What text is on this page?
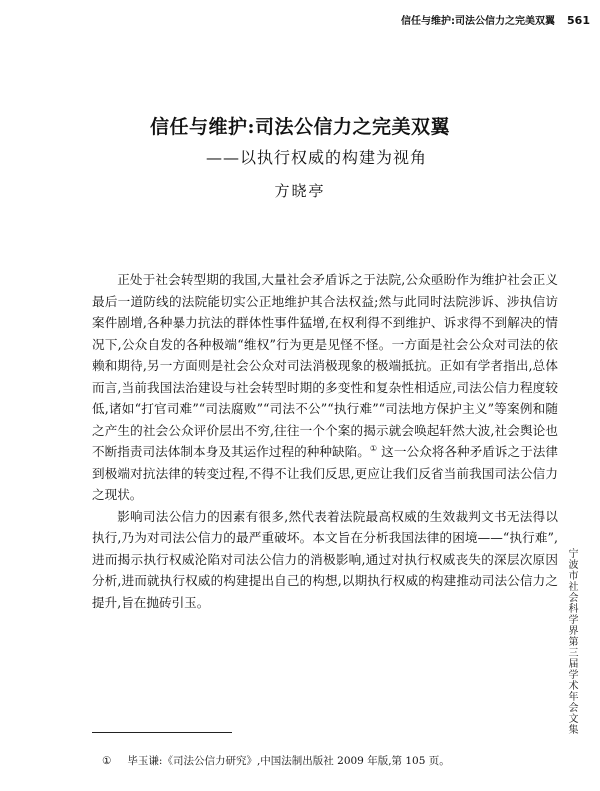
信任与维护:司法公信力之完美双翼 561
信任与维护:司法公信力之完美双翼
——以执行权威的构建为视角
方晓亭

正处于社会转型期的我国,大量社会矛盾诉之于法院,公众亟盼作为维护社会正义最后一道防线的法院能切实公正地维护其合法权益;然与此同时法院涉诉、涉执信访案件剧增,各种暴力抗法的群体性事件猛增,在权利得不到维护、诉求得不到解决的情况下,公众自发的各种极端“维权”行为更是见怪不怪。一方面是社会公众对司法的依赖和期待,另一方面则是社会公众对司法消极现象的极端抵抗。正如有学者指出,总体而言,当前我国法治建设与社会转型时期的多变性和复杂性相适应,司法公信力程度较低,诸如“打官司难”“司法腐败”“司法不公”“执行难”“司法地方保护主义”等案例和随之产生的社会公众评价层出不穷,往往一个个案的揭示就会唤起轩然大波,社会舆论也不断指责司法体制本身及其运作过程的种种缺陷。① 这一公众将各种矛盾诉之于法律到极端对抗法律的转变过程,不得不让我们反思,更应让我们反省当前我国司法公信力之现状。

影响司法公信力的因素有很多,然代表着法院最高权威的生效裁判文书无法得以执行,乃为对司法公信力的最严重破坏。本文旨在分析我国法律的困境——“执行难”,进而揭示执行权威沦陷对司法公信力的消极影响,通过对执行权威丧失的深层次原因分析,进而就执行权威的构建提出自己的构想,以期执行权威的构建推动司法公信力之提升,旨在抛砖引玉。	宁波市社会科学界第三届学术年会文集
① 毕玉谦:《司法公信力研究》,中国法制出版社 2009 年版,第 105 页。
